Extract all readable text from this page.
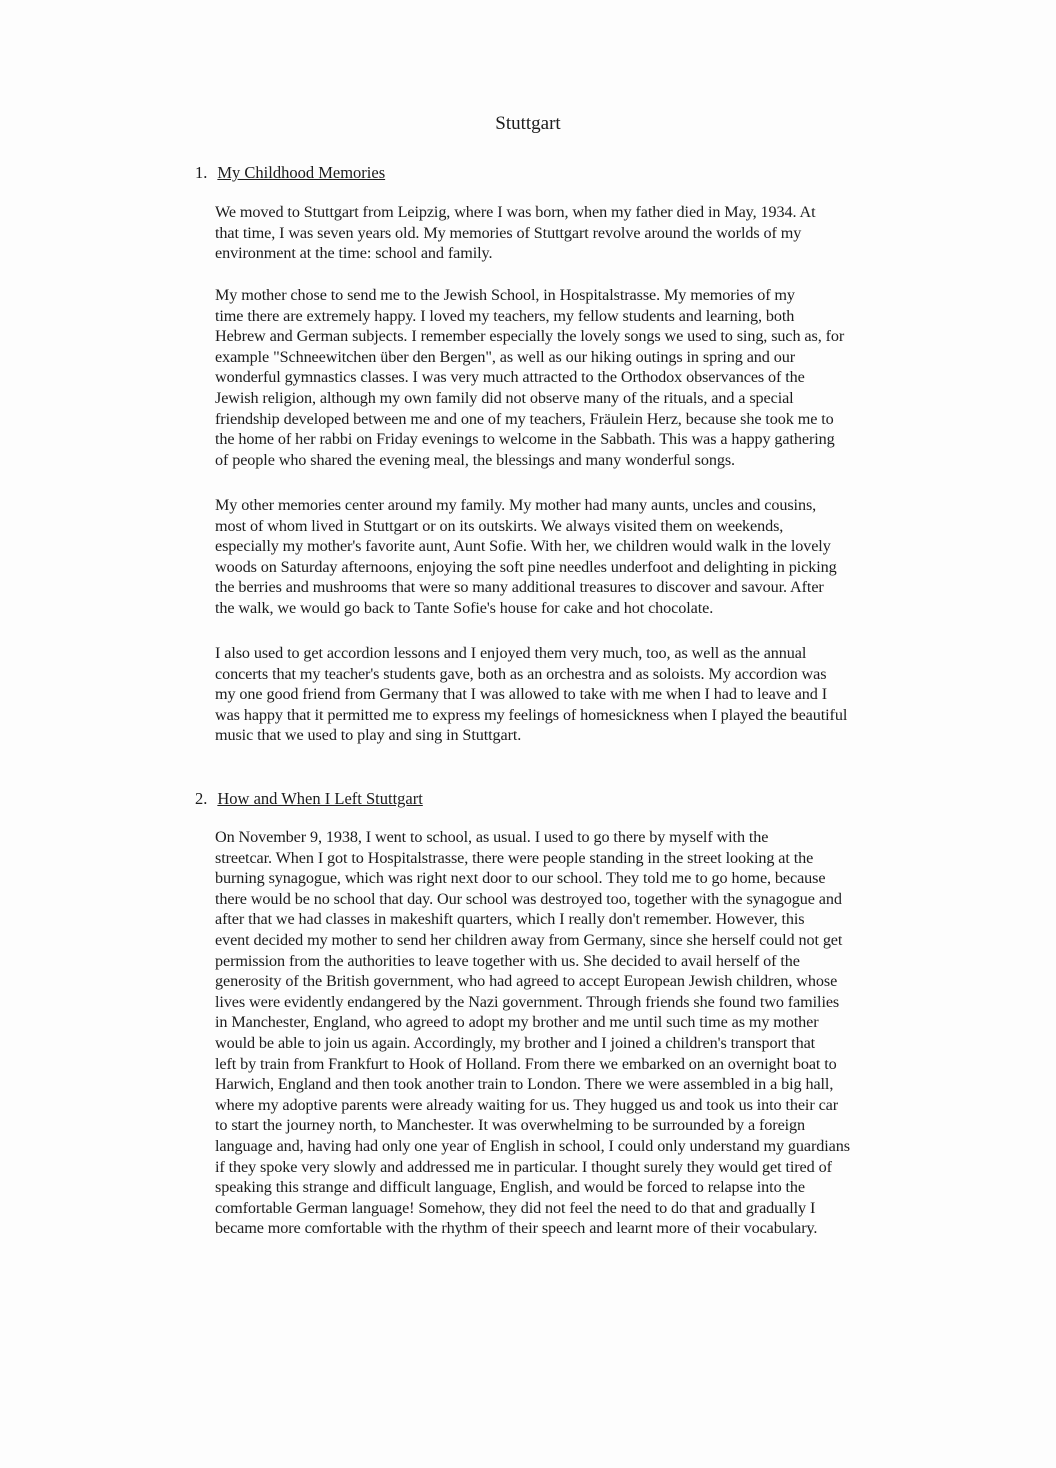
Stuttgart
1. My Childhood Memories

We moved to Stuttgart from Leipzig, where I was born, when my father died in May, 1934. At
that time, I was seven years old. My memories of Stuttgart revolve around the worlds of my
environment at the time: school and family.

My mother chose to send me to the Jewish School, in Hospitalstrasse. My memories of my
time there are extremely happy. I loved my teachers, my fellow students and learning, both
Hebrew and German subjects. I remember especially the lovely songs we used to sing, such as, for
example "Schneewitchen über den Bergen", as well as our hiking outings in spring and our
wonderful gymnastics classes. I was very much attracted to the Orthodox observances of the
Jewish religion, although my own family did not observe many of the rituals, and a special
friendship developed between me and one of my teachers, Fräulein Herz, because she took me to
the home of her rabbi on Friday evenings to welcome in the Sabbath. This was a happy gathering
of people who shared the evening meal, the blessings and many wonderful songs.

My other memories center around my family. My mother had many aunts, uncles and cousins,
most of whom lived in Stuttgart or on its outskirts. We always visited them on weekends,
especially my mother's favorite aunt, Aunt Sofie. With her, we children would walk in the lovely
woods on Saturday afternoons, enjoying the soft pine needles underfoot and delighting in picking
the berries and mushrooms that were so many additional treasures to discover and savour. After
the walk, we would go back to Tante Sofie's house for cake and hot chocolate.

I also used to get accordion lessons and I enjoyed them very much, too, as well as the annual
concerts that my teacher's students gave, both as an orchestra and as soloists. My accordion was
my one good friend from Germany that I was allowed to take with me when I had to leave and I
was happy that it permitted me to express my feelings of homesickness when I played the beautiful
music that we used to play and sing in Stuttgart.

2. How and When I Left Stuttgart

On November 9, 1938, I went to school, as usual. I used to go there by myself with the
streetcar. When I got to Hospitalstrasse, there were people standing in the street looking at the
burning synagogue, which was right next door to our school. They told me to go home, because
there would be no school that day. Our school was destroyed too, together with the synagogue and
after that we had classes in makeshift quarters, which I really don't remember. However, this
event decided my mother to send her children away from Germany, since she herself could not get
permission from the authorities to leave together with us. She decided to avail herself of the
generosity of the British government, who had agreed to accept European Jewish children, whose
lives were evidently endangered by the Nazi government. Through friends she found two families
in Manchester, England, who agreed to adopt my brother and me until such time as my mother
would be able to join us again. Accordingly, my brother and I joined a children's transport that
left by train from Frankfurt to Hook of Holland. From there we embarked on an overnight boat to
Harwich, England and then took another train to London. There we were assembled in a big hall,
where my adoptive parents were already waiting for us. They hugged us and took us into their car
to start the journey north, to Manchester. It was overwhelming to be surrounded by a foreign
language and, having had only one year of English in school, I could only understand my guardians
if they spoke very slowly and addressed me in particular. I thought surely they would get tired of
speaking this strange and difficult language, English, and would be forced to relapse into the
comfortable German language! Somehow, they did not feel the need to do that and gradually I
became more comfortable with the rhythm of their speech and learnt more of their vocabulary.
